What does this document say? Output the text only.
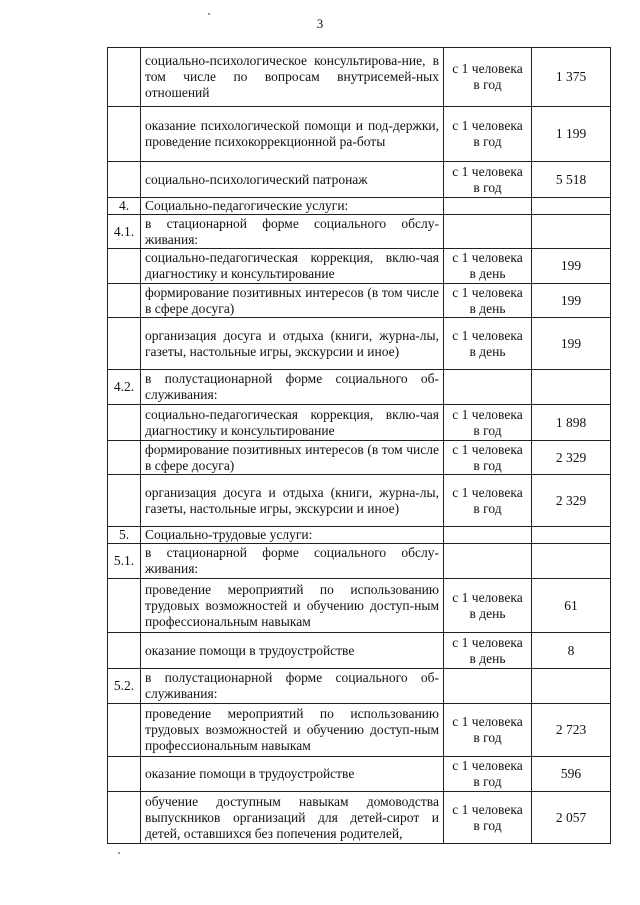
3
	социально-психологическое консультирова-ние, в том числе по вопросам внутрисемей-ных отношений	с 1 человека в год	1 375
	оказание психологической помощи и под-держки, проведение психокоррекционной ра-боты	с 1 человека в год	1 199
	социально-психологический патронаж	с 1 человека в год	5 518
4.	Социально-педагогические услуги:		
4.1.	в стационарной форме социального обслу-живания:		
	социально-педагогическая коррекция, вклю-чая диагностику и консультирование	с 1 человека в день	199
	формирование позитивных интересов (в том числе в сфере досуга)	с 1 человека в день	199
	организация досуга и отдыха (книги, журна-лы, газеты, настольные игры, экскурсии и иное)	с 1 человека в день	199
4.2.	в полустационарной форме социального об-служивания:		
	социально-педагогическая коррекция, вклю-чая диагностику и консультирование	с 1 человека в год	1 898
	формирование позитивных интересов (в том числе в сфере досуга)	с 1 человека в год	2 329
	организация досуга и отдыха (книги, журна-лы, газеты, настольные игры, экскурсии и иное)	с 1 человека в год	2 329
5.	Социально-трудовые услуги:		
5.1.	в стационарной форме социального обслу-живания:		
	проведение мероприятий по использованию трудовых возможностей и обучению доступ-ным профессиональным навыкам	с 1 человека в день	61
	оказание помощи в трудоустройстве	с 1 человека в день	8
5.2.	в полустационарной форме социального об-служивания:		
	проведение мероприятий по использованию трудовых возможностей и обучению доступ-ным профессиональным навыкам	с 1 человека в год	2 723
	оказание помощи в трудоустройстве	с 1 человека в год	596
	обучение доступным навыкам домоводства выпускников организаций для детей-сирот и детей, оставшихся без попечения родителей,	с 1 человека в год	2 057
